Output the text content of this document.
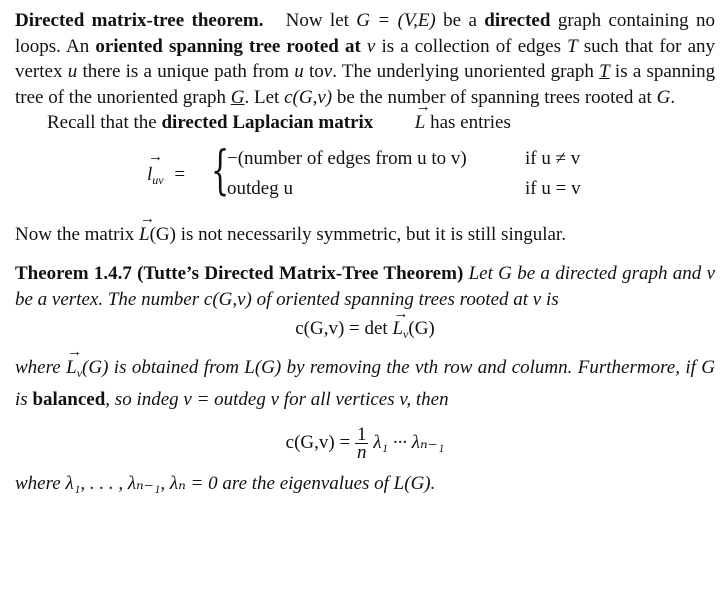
Directed matrix-tree theorem. Now let G = (V,E) be a directed graph containing no loops. An oriented spanning tree rooted at v is a collection of edges T such that for any vertex u there is a unique path from u tov. The underlying unoriented graph T is a spanning tree of the unoriented graph G. Let c(G,v) be the number of spanning trees rooted at G.

Recall that the directed Laplacian matrix → L has entries

→ $l_{uv}$ = {
−(number of edges from u to v)	if u ≠ v
outdeg u	if u = v

Now the matrix → L(G) is not necessarily symmetric, but it is still singular.

Theorem 1.4.7 (Tutte’s Directed Matrix-Tree Theorem) Let G be a directed graph and v be a vertex. The number c(G,v) of oriented spanning trees rooted at v is

$c(G,v) = \det \to L_v(G)$

where → $L_v(G)$ is obtained from L(G) by removing the vth row and column. Furthermore, if G is balanced, so indeg v = outdeg v for all vertices v, then

$c(G,v) = \frac{1}{n} \lambda_1$ ··· λₙ₋₁

where λ₁, . . . , λₙ₋₁, λₙ = 0 are the eigenvalues of L(G).
